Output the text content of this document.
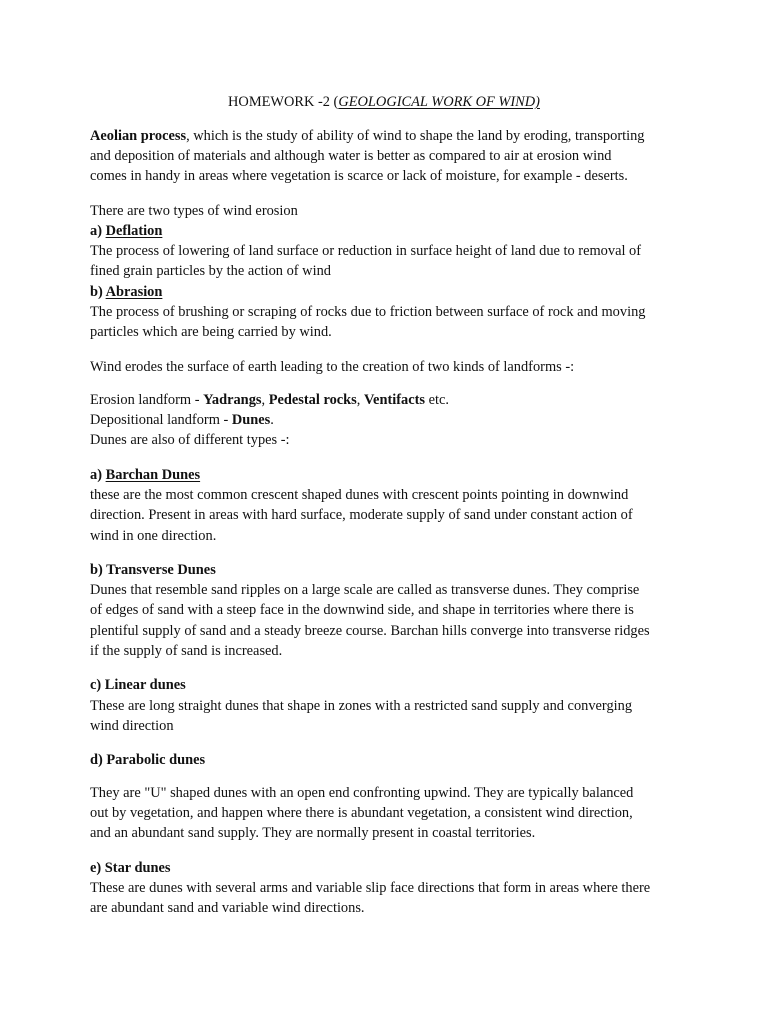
HOMEWORK -2 (GEOLOGICAL WORK OF WIND)

Aeolian process, which is the study of ability of wind to shape the land by eroding, transporting

and deposition of materials and although water is better as compared to air at erosion wind

comes in handy in areas where vegetation is scarce or lack of moisture, for example - deserts.

There are two types of wind erosion

a) Deflation

The process of lowering of land surface or reduction in surface height of land due to removal of

fined grain particles by the action of wind

b) Abrasion

The process of brushing or scraping of rocks due to friction between surface of rock and moving

particles which are being carried by wind.

Wind erodes the surface of earth leading to the creation of two kinds of landforms -:

Erosion landform - Yadrangs, Pedestal rocks, Ventifacts etc.

Depositional landform - Dunes.

Dunes are also of different types -:

a) Barchan Dunes

these are the most common crescent shaped dunes with crescent points pointing in downwind

direction. Present in areas with hard surface, moderate supply of sand under constant action of

wind in one direction.

b) Transverse Dunes

Dunes that resemble sand ripples on a large scale are called as transverse dunes. They comprise

of edges of sand with a steep face in the downwind side, and shape in territories where there is

plentiful supply of sand and a steady breeze course. Barchan hills converge into transverse ridges

if the supply of sand is increased.

c) Linear dunes

These are long straight dunes that shape in zones with a restricted sand supply and converging

wind direction

d) Parabolic dunes

They are "U" shaped dunes with an open end confronting upwind. They are typically balanced

out by vegetation, and happen where there is abundant vegetation, a consistent wind direction,

and an abundant sand supply. They are normally present in coastal territories.

e) Star dunes

These are dunes with several arms and variable slip face directions that form in areas where there

are abundant sand and variable wind directions.
